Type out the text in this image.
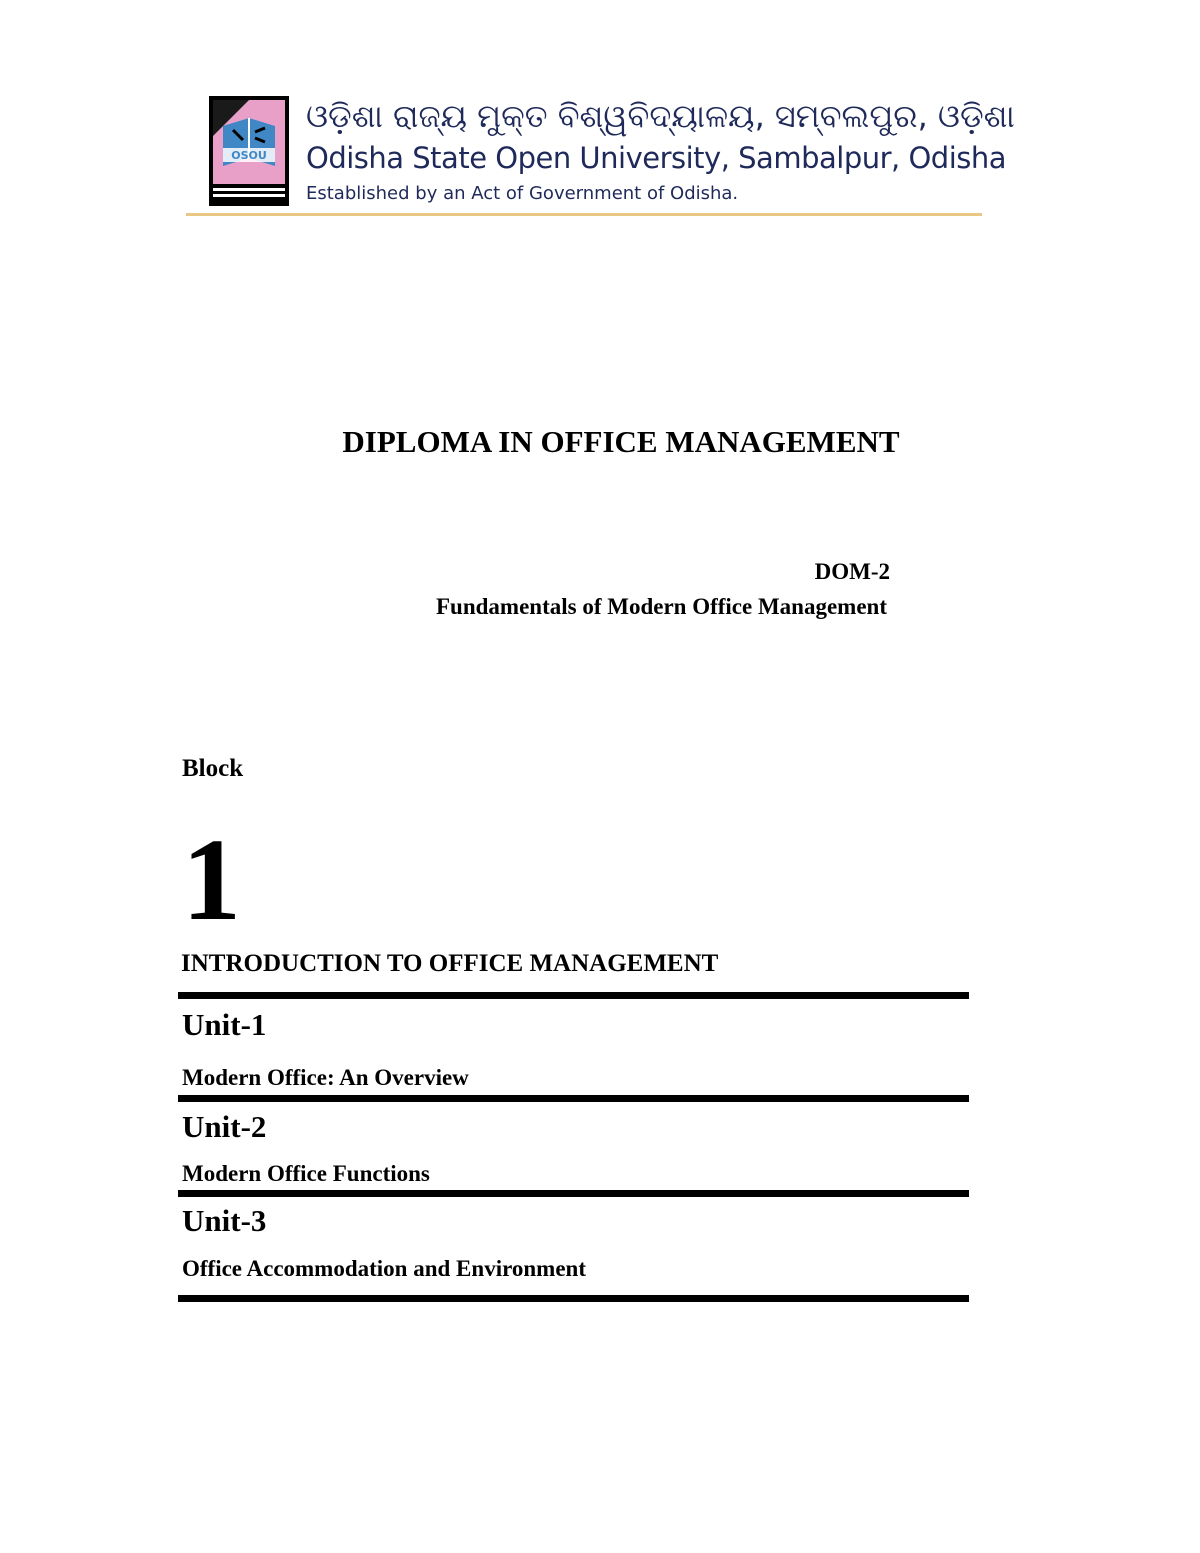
OSOU
ଓଡ଼ିଶା ରାଜ୍ୟ ମୁକ୍ତ ବିଶ୍ୱବିଦ୍ୟାଳୟ, ସମ୍ବଲପୁର, ଓଡ଼ିଶା
Odisha State Open University, Sambalpur, Odisha
Established by an Act of Government of Odisha.
DIPLOMA IN OFFICE MANAGEMENT
DOM-2
Fundamentals of Modern Office Management
Block
1
INTRODUCTION TO OFFICE MANAGEMENT
Unit-1
Modern Office: An Overview
Unit-2
Modern Office Functions
Unit-3
Office Accommodation and Environment
